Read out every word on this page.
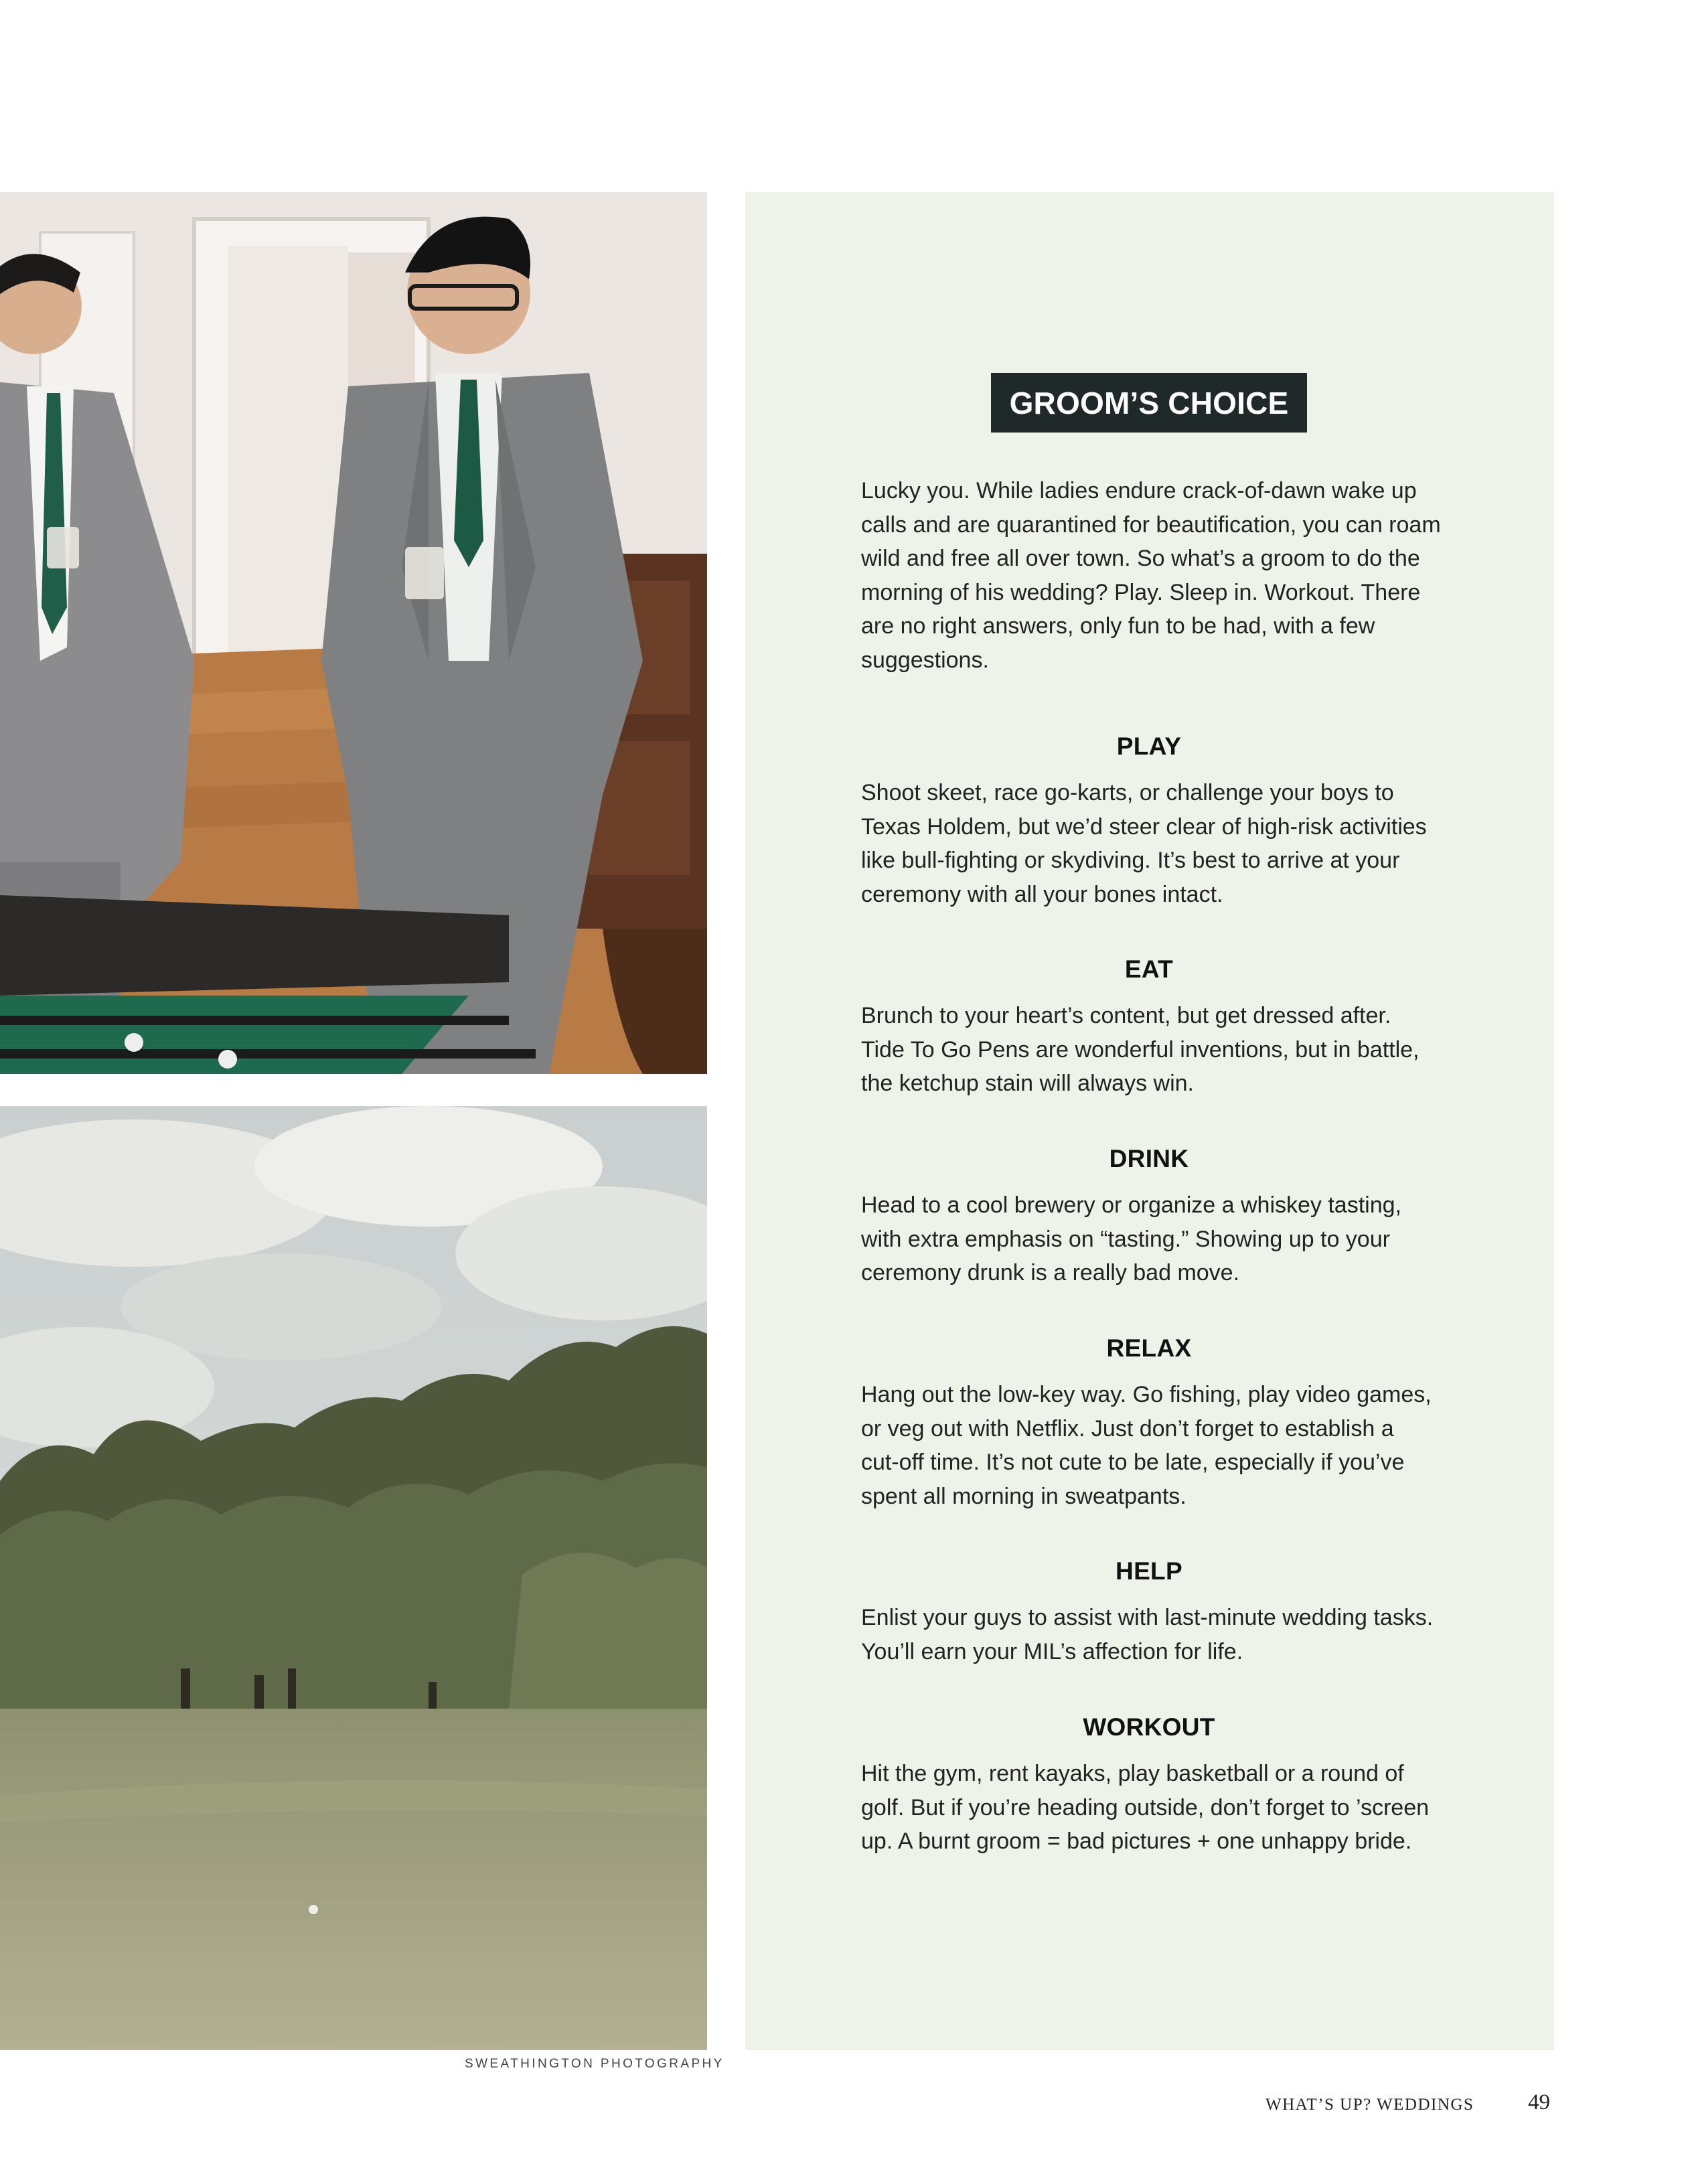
SWEATHINGTON PHOTOGRAPHY
GROOM’S CHOICE

Lucky you. While ladies endure crack-of-dawn wake up calls and are quarantined for beautification, you can roam wild and free all over town. So what’s a groom to do the morning of his wedding? Play. Sleep in. Workout. There are no right answers, only fun to be had, with a few suggestions.

PLAY

Shoot skeet, race go-karts, or challenge your boys to Texas Holdem, but we’d steer clear of high-risk activities like bull-fighting or skydiving. It’s best to arrive at your ceremony with all your bones intact.

EAT

Brunch to your heart’s content, but get dressed after. Tide To Go Pens are wonderful inventions, but in battle, the ketchup stain will always win.

DRINK

Head to a cool brewery or organize a whiskey tasting, with extra emphasis on “tasting.” Showing up to your ceremony drunk is a really bad move.

RELAX

Hang out the low-key way. Go fishing, play video games, or veg out with Netflix. Just don’t forget to establish a cut-off time. It’s not cute to be late, especially if you’ve spent all morning in sweatpants.

HELP

Enlist your guys to assist with last-minute wedding tasks. You’ll earn your MIL’s affection for life.

WORKOUT

Hit the gym, rent kayaks, play basketball or a round of golf. But if you’re heading outside, don’t forget to ’screen up. A burnt groom = bad pictures + one unhappy bride.

WHAT’S UP? WEDDINGS 49
